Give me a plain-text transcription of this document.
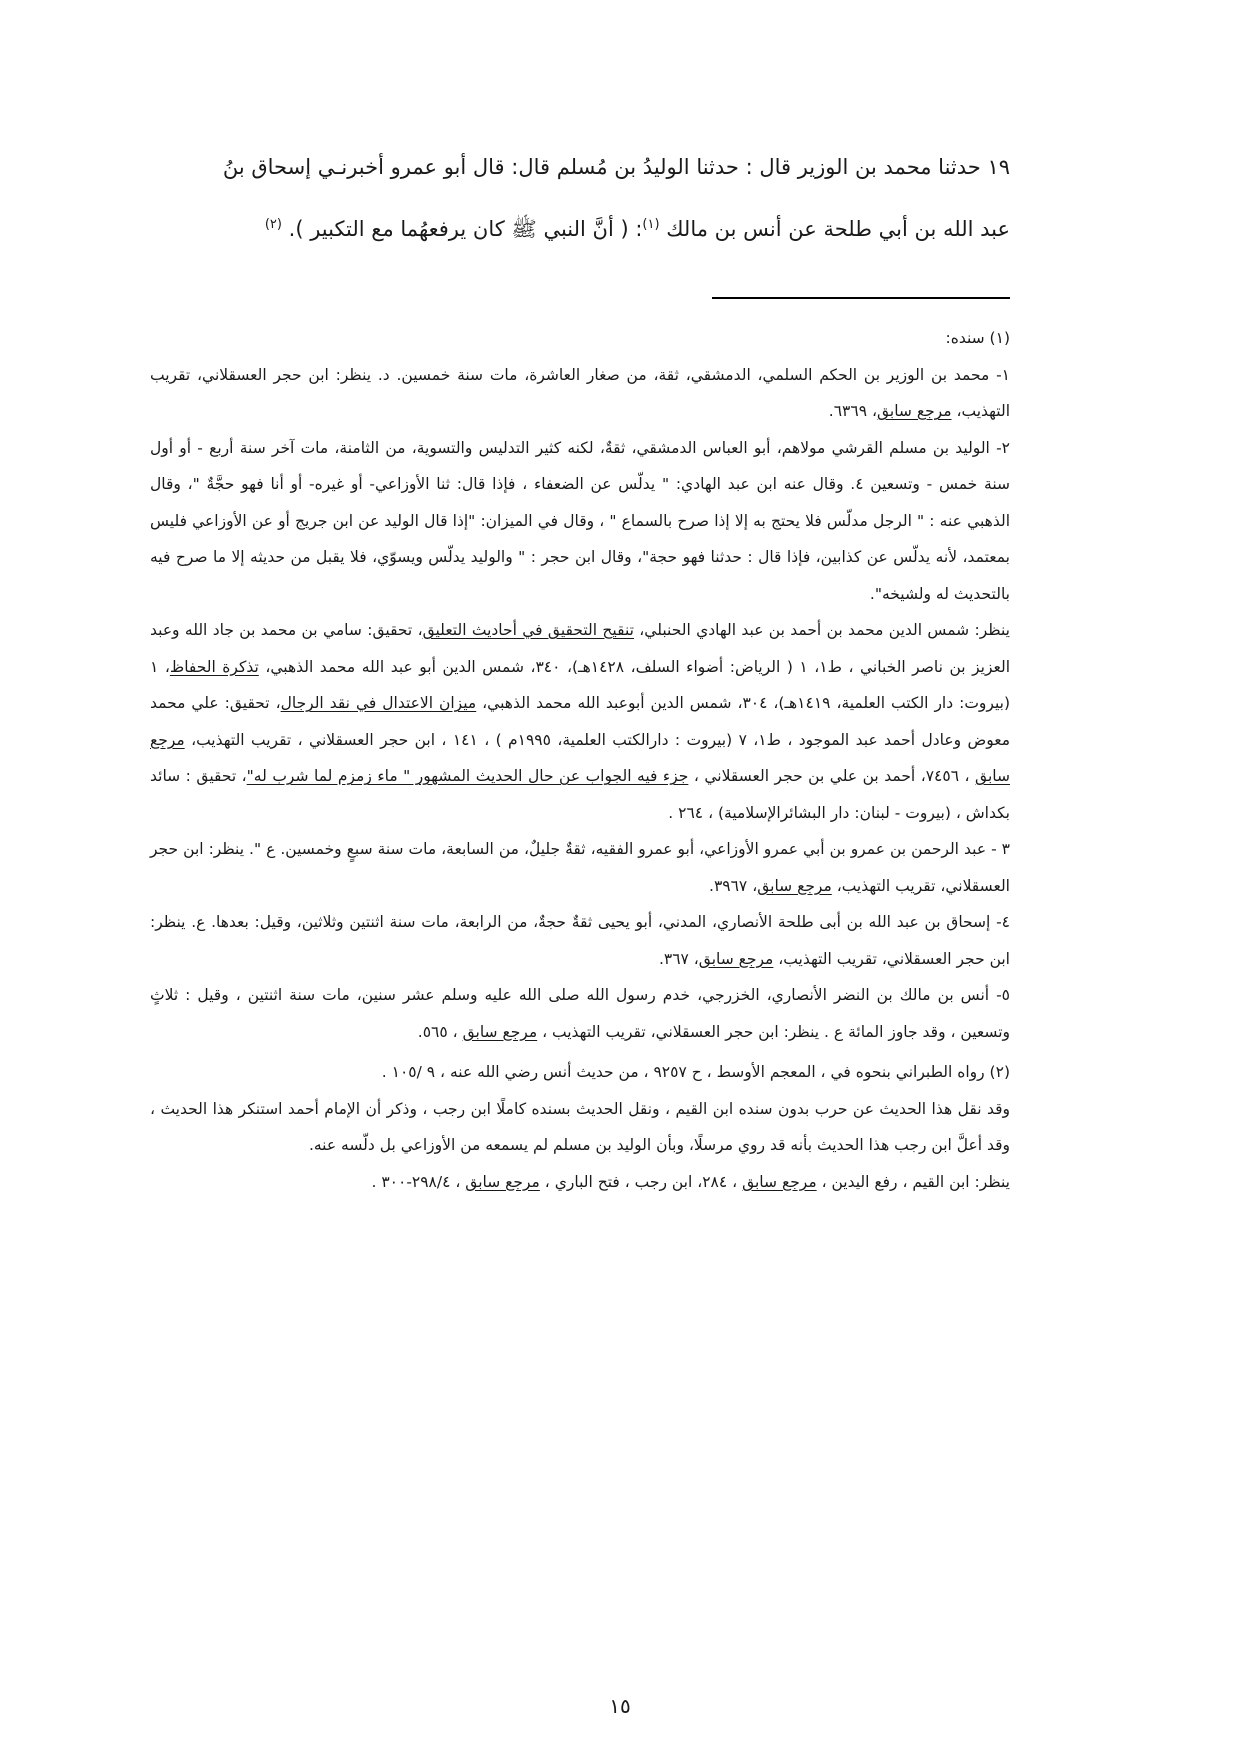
١٩ حدثنا محمد بن الوزير قال : حدثنا الوليدُ بن مُسلم قال: قال أبو عمرو أخبرنـي إسحاق بنُ

عبد الله بن أبي طلحة عن أنس بن مالك $^{(١)}$: ( أنَّ النبي ﷺ كان يرفعهُما مع التكبير ). $^{(٢)}$

(١) سنده:

١- محمد بن الوزير بن الحكم السلمي، الدمشقي، ثقة، من صغار العاشرة، مات سنة خمسين. د. ينظر: ابن حجر العسقلاني، تقريب التهذيب، مرجع سابق، ٦٣٦٩.

٢- الوليد بن مسلم القرشي مولاهم، أبو العباس الدمشقي، ثقةٌ، لكنه كثير التدليس والتسوية، من الثامنة، مات آخر سنة أربع - أو أول سنة خمس - وتسعين ٤. وقال عنه ابن عبد الهادي: " يدلّس عن الضعفاء ، فإذا قال: ثنا الأوزاعي- أو غيره- أو أنا فهو حجَّةٌ "، وقال الذهبي عنه : " الرجل مدلّس فلا يحتج به إلا إذا صرح بالسماع " ، وقال في الميزان: "إذا قال الوليد عن ابن جريج أو عن الأوزاعي فليس بمعتمد، لأنه يدلّس عن كذابين، فإذا قال : حدثنا فهو حجة"، وقال ابن حجر : " والوليد يدلّس ويسوّي، فلا يقبل من حديثه إلا ما صرح فيه بالتحديث له ولشيخه".

ينظر: شمس الدين محمد بن أحمد بن عبد الهادي الحنبلي، تنقيح التحقيق في أحاديث التعليق، تحقيق: سامي بن محمد بن جاد الله وعبد العزيز بن ناصر الخباني ، ط١، ١ ( الرياض: أضواء السلف، ١٤٢٨هـ)، ٣٤٠، شمس الدين أبو عبد الله محمد الذهبي، تذكرة الحفاظ، ١ (بيروت: دار الكتب العلمية، ١٤١٩هـ)، ٣٠٤، شمس الدين أبوعبد الله محمد الذهبي، ميزان الاعتدال في نقد الرجال، تحقيق: علي محمد معوض وعادل أحمد عبد الموجود ، ط١، ٧ (بيروت : دارالكتب العلمية، ١٩٩٥م ) ، ١٤١ ، ابن حجر العسقلاني ، تقريب التهذيب، مرجع سابق ، ٧٤٥٦، أحمد بن علي بن حجر العسقلاني ، جزء فيه الجواب عن حال الحديث المشهور " ماء زمزم لما شرب له"، تحقيق : سائد بكداش ، (بيروت - لبنان: دار البشائرالإسلامية) ، ٢٦٤ .

٣ - عبد الرحمن بن عمرو بن أبي عمرو الأوزاعي، أبو عمرو الفقيه، ثقةٌ جليلٌ، من السابعة، مات سنة سبعٍ وخمسين. ع ". ينظر: ابن حجر العسقلاني، تقريب التهذيب، مرجع سابق، ٣٩٦٧.

٤- إسحاق بن عبد الله بن أبى طلحة الأنصاري، المدني، أبو يحيى ثقةٌ حجةٌ، من الرابعة، مات سنة اثنتين وثلاثين، وقيل: بعدها. ع. ينظر: ابن حجر العسقلاني، تقريب التهذيب، مرجع سابق، ٣٦٧.

٥- أنس بن مالك بن النضر الأنصاري، الخزرجي، خدم رسول الله صلى الله عليه وسلم عشر سنين، مات سنة اثنتين ، وقيل : ثلاثٍ وتسعين ، وقد جاوز المائة ع . ينظر: ابن حجر العسقلاني، تقريب التهذيب ، مرجع سابق ، ٥٦٥.

(٢) رواه الطبراني بنحوه في ، المعجم الأوسط ، ح ٩٢٥٧ ، من حديث أنس رضي الله عنه ، ٩ /١٠٥ .

وقد نقل هذا الحديث عن حرب بدون سنده ابن القيم ، ونقل الحديث بسنده كاملًا ابن رجب ، وذكر أن الإمام أحمد استنكر هذا الحديث ، وقد أعلَّ ابن رجب هذا الحديث بأنه قد روي مرسلًا، وبأن الوليد بن مسلم لم يسمعه من الأوزاعي بل دلّسه عنه.

ينظر: ابن القيم ، رفع اليدين ، مرجع سابق ، ٢٨٤، ابن رجب ، فتح الباري ، مرجع سابق ، ٢٩٨/٤-٣٠٠ .

١٥
